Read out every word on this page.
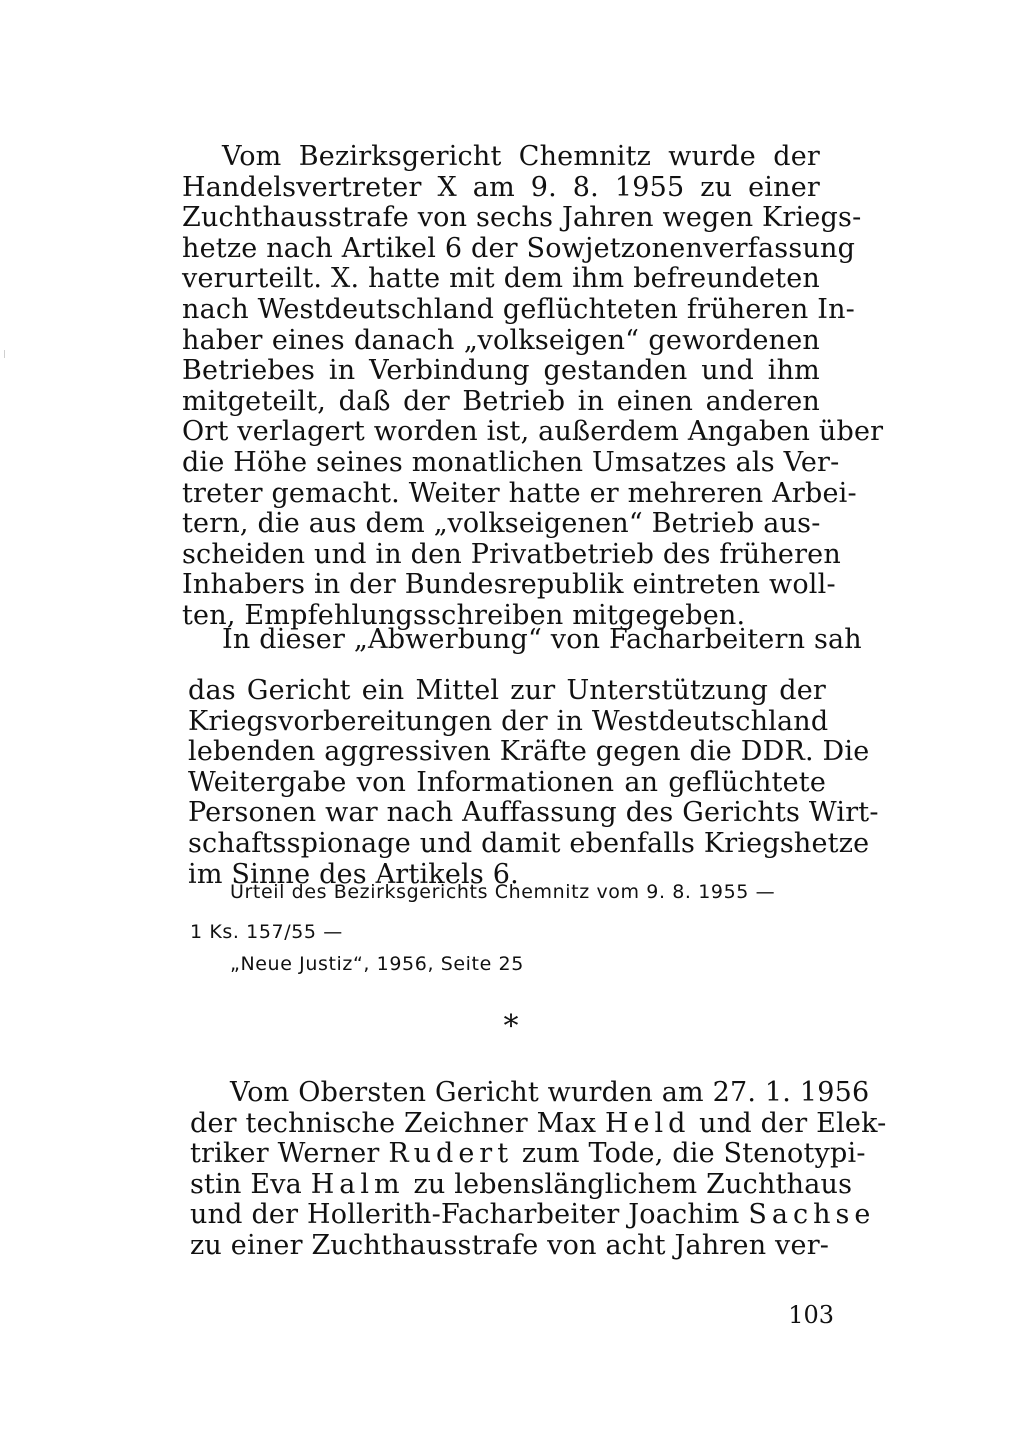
Vom Bezirksgericht Chemnitz wurde der
Handelsvertreter X am 9. 8. 1955 zu einer
Zuchthausstrafe von sechs Jahren wegen Kriegs-
hetze nach Artikel 6 der Sowjetzonenverfassung
verurteilt. X. hatte mit dem ihm befreundeten
nach Westdeutschland geflüchteten früheren In-
haber eines danach „volkseigen“ gewordenen
Betriebes in Verbindung gestanden und ihm
mitgeteilt, daß der Betrieb in einen anderen
Ort verlagert worden ist, außerdem Angaben über
die Höhe seines monatlichen Umsatzes als Ver-
treter gemacht. Weiter hatte er mehreren Arbei-
tern, die aus dem „volkseigenen“ Betrieb aus-
scheiden und in den Privatbetrieb des früheren
Inhabers in der Bundesrepublik eintreten woll-
ten, Empfehlungsschreiben mitgegeben.
In dieser „Abwerbung“ von Facharbeitern sah
das Gericht ein Mittel zur Unterstützung der
Kriegsvorbereitungen der in Westdeutschland
lebenden aggressiven Kräfte gegen die DDR. Die
Weitergabe von Informationen an geflüchtete
Personen war nach Auffassung des Gerichts Wirt-
schaftsspionage und damit ebenfalls Kriegshetze
im Sinne des Artikels 6.
Urteil des Bezirksgerichts Chemnitz vom 9. 8. 1955 —
1 Ks. 157/55 —
„Neue Justiz“, 1956, Seite 25
*
Vom Obersten Gericht wurden am 27. 1. 1956
der technische Zeichner Max Held und der Elek-
triker Werner Rudert zum Tode, die Stenotypi-
stin Eva Halm zu lebenslänglichem Zuchthaus
und der Hollerith-Facharbeiter Joachim Sachse
zu einer Zuchthausstrafe von acht Jahren ver-
103
